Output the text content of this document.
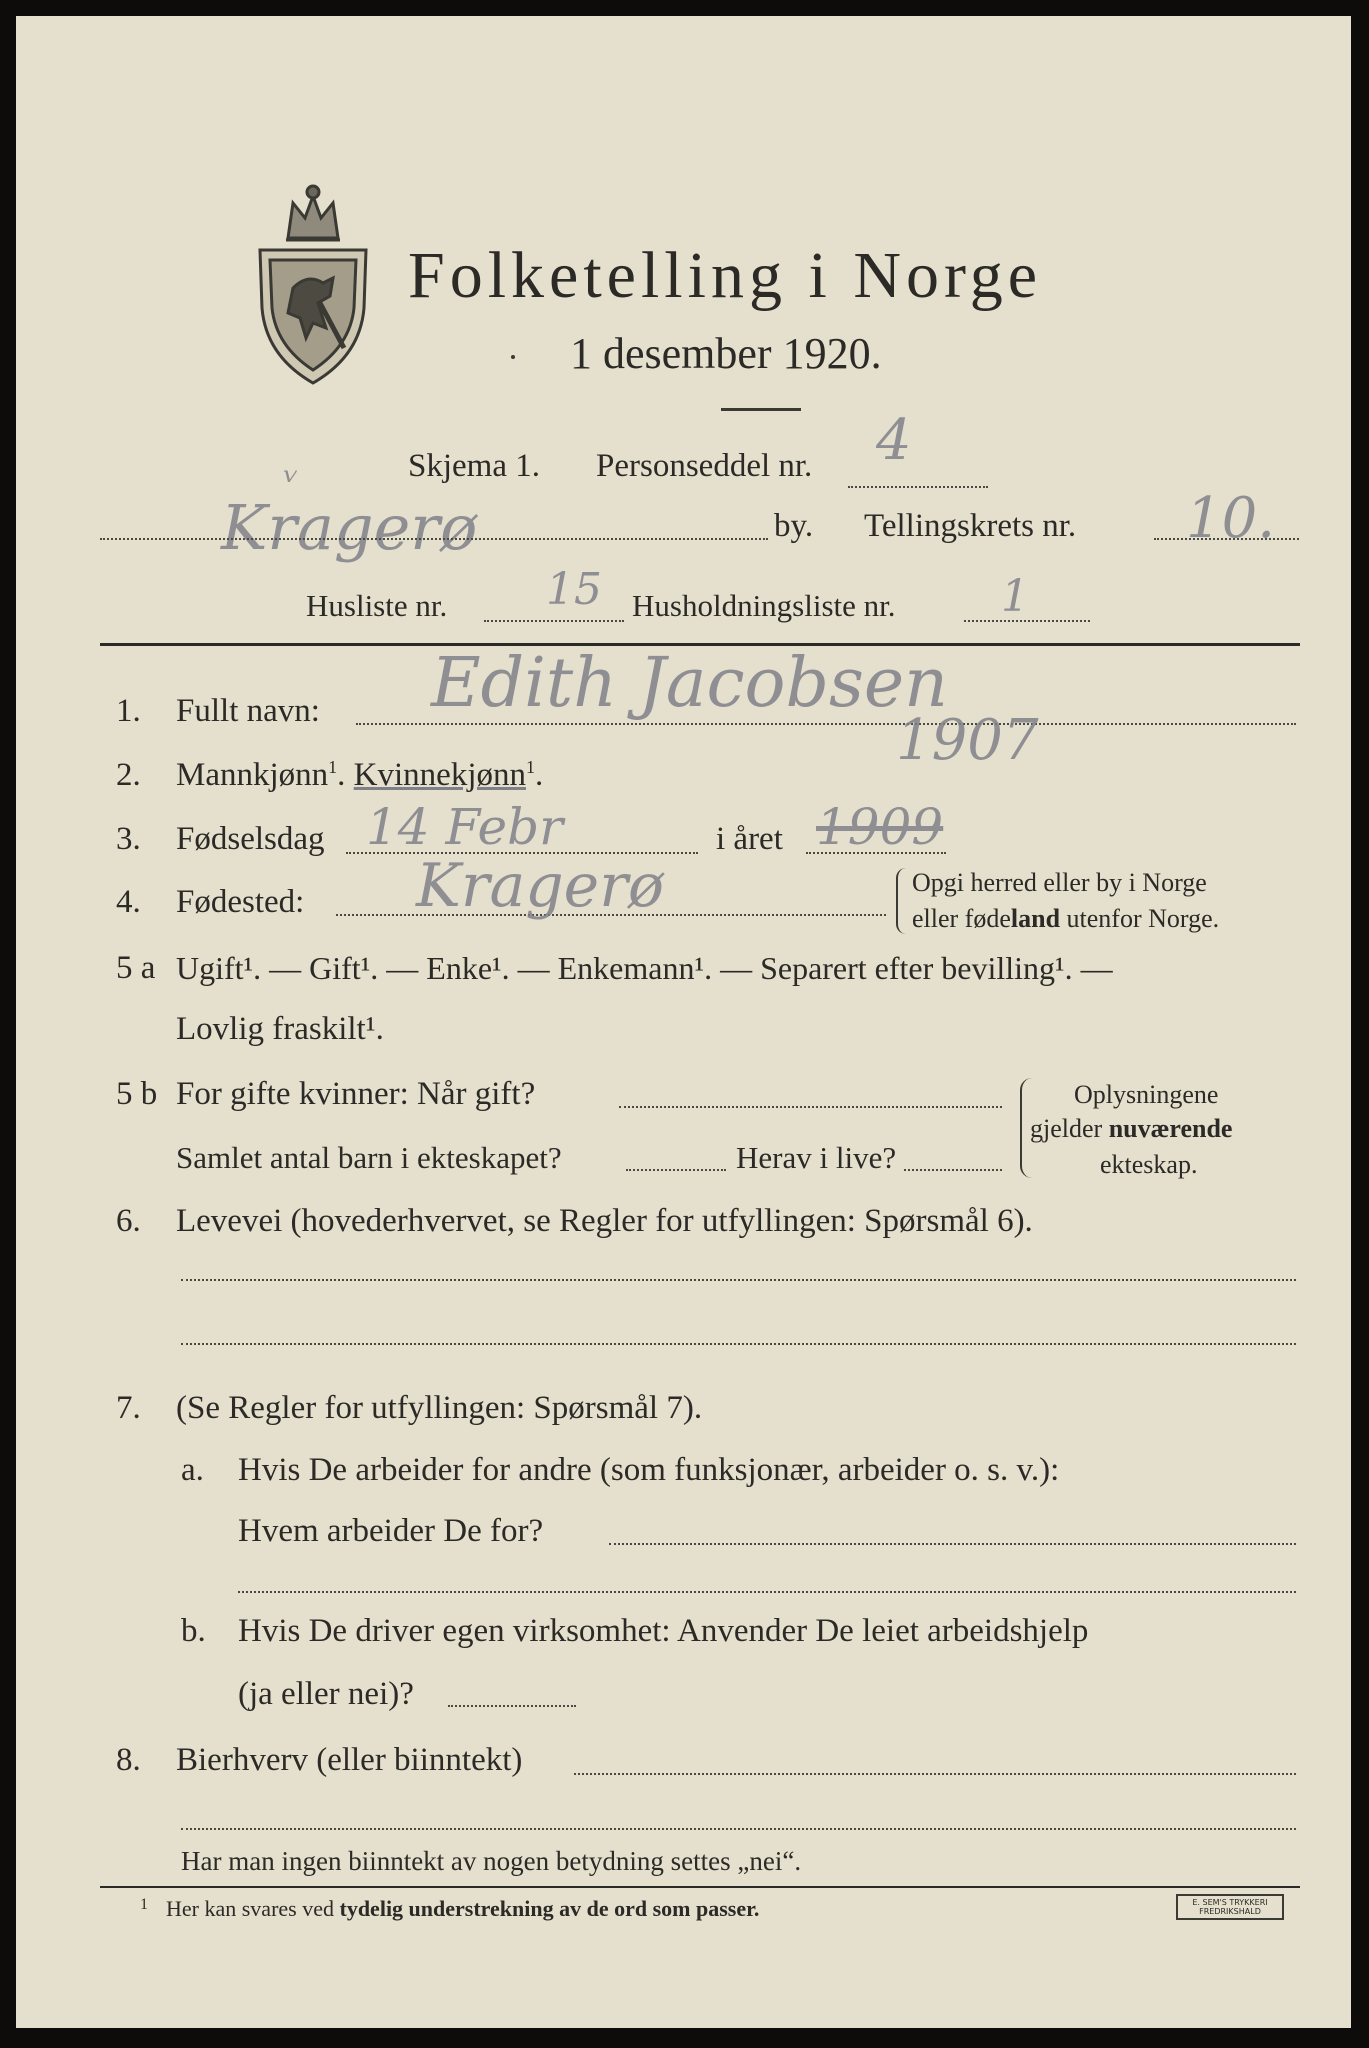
Folketelling i Norge
1 desember 1920.
Skjema 1. Personseddel nr. 4
ᵥ
Kragerø	by. Tellingskrets nr. 10.
Husliste nr. 15 Husholdningsliste nr. 1
1. Fullt navn: Edith Jacobsen
2. Mannkjønn$^1$. Kvinnekjønn$^1$.
1907
3. Fødselsdag 14 Febr	i året 1909
4. Fødested: Kragerø	Opgi herred eller by i Norge
eller fødeland utenfor Norge.
5 a Ugift¹. — Gift¹. — Enke¹. — Enkemann¹. — Separert efter bevilling¹. —
Lovlig fraskilt¹.
5 b For gifte kvinner: Når gift?
Samlet antal barn i ekteskapet?	Herav i live?
Oplysningene
gjelder nuværende
ekteskap.
6. Levevei (hovederhvervet, se Regler for utfyllingen: Spørsmål 6).
7. (Se Regler for utfyllingen: Spørsmål 7).
a. Hvis De arbeider for andre (som funksjonær, arbeider o. s. v.):
Hvem arbeider De for?
b. Hvis De driver egen virksomhet: Anvender De leiet arbeidshjelp
(ja eller nei)?
8. Bierhverv (eller biinntekt)
Har man ingen biinntekt av nogen betydning settes „nei“.
1 Her kan svares ved tydelig understrekning av de ord som passer.	E. SEM'S TRYKKERI
FREDRIKSHALD
